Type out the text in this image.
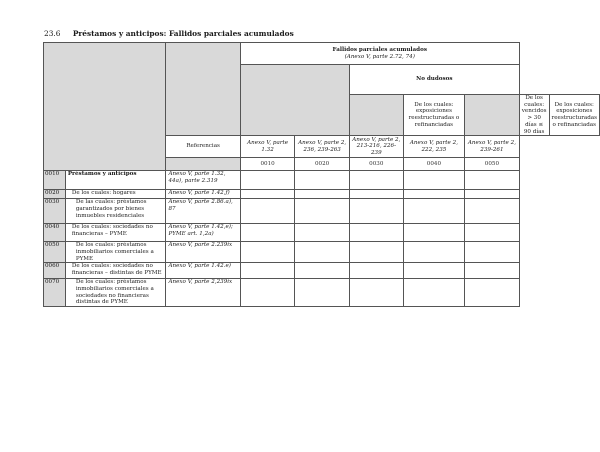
23.6 Préstamos y anticipos: Fallidos parciales acumulados

			Fallidos parciales acumulados
(Anexo V, parte 2.72, 74)						

					No dudosos				
						De los cuales: exposiciones reestructuradas o refinanciadas		De los cuales: vencidos > 30 días ≤ 90 días	De los cuales: exposiciones reestructuradas o refinanciadas
		Referencias	Anexo V, parte 1.32	Anexo V, parte 2, 236, 239-263	Anexo V, parte 2, 213-216, 226-239	Anexo V, parte 2, 222, 235	Anexo V, parte 2, 239-261		
			0010	0020	0030	0040	0050		
0010	Préstamos y anticipos	Anexo V, parte 1.32, 44a), parte 2.319							
0020	De los cuales: hogares	Anexo V, parte 1.42,f)							
0030	De las cuales: préstamos garantizados por bienes inmuebles residenciales	Anexo V, parte 2.86.a), 87							
0040	De los cuales: sociedades no financieras – PYME	Anexo V, parte 1.42,e); PYME art. 1,2a)							
0050	De los cuales: préstamos inmobiliarios comerciales a PYME	Anexo V, parte 2.239ix							
0060	De los cuales: sociedades no financieras – distintas de PYME	Anexo V, parte 1.42.e)							
0070	De los cuales: préstamos inmobiliarios comerciales a sociedades no financieras distintas de PYME	Anexo V, parte 2,239ix							
